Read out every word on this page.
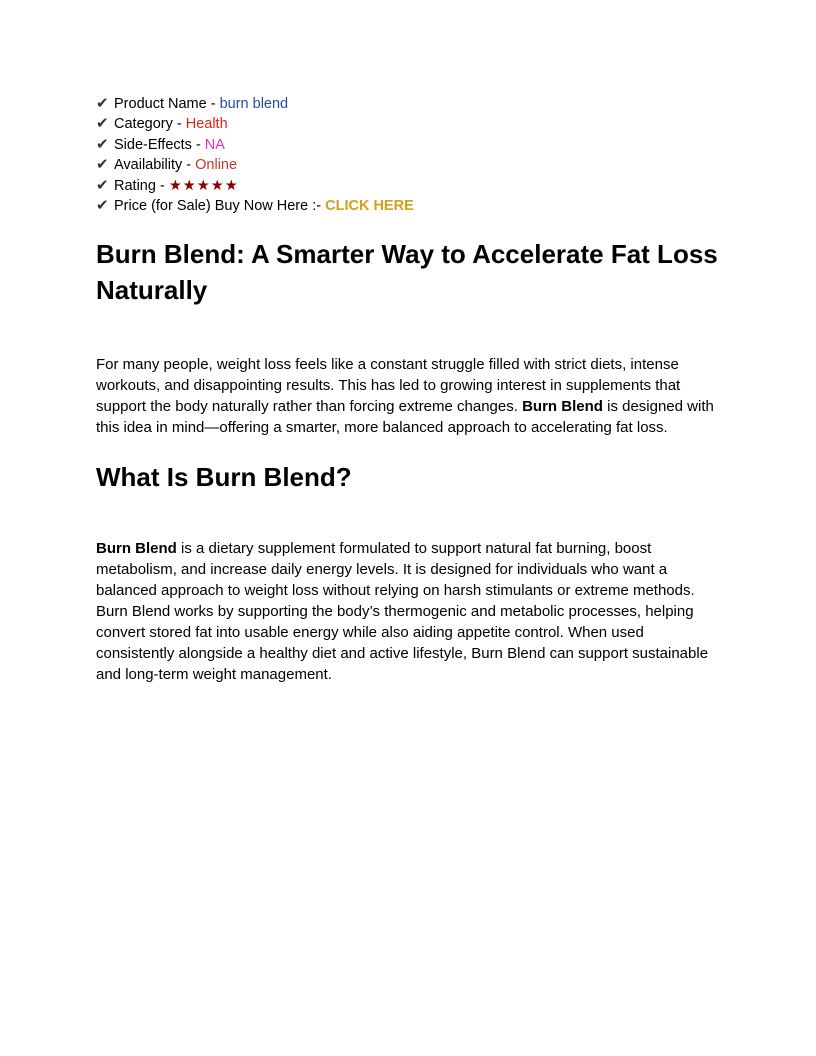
✔ Product Name - burn blend
✔ Category - Health
✔ Side-Effects - NA
✔ Availability - Online
✔ Rating - ★★★★★
✔ Price (for Sale) Buy Now Here :- CLICK HERE
Burn Blend: A Smarter Way to Accelerate Fat Loss Naturally

For many people, weight loss feels like a constant struggle filled with strict diets, intense workouts, and disappointing results. This has led to growing interest in supplements that support the body naturally rather than forcing extreme changes. Burn Blend is designed with this idea in mind—offering a smarter, more balanced approach to accelerating fat loss.

What Is Burn Blend?

Burn Blend is a dietary supplement formulated to support natural fat burning, boost metabolism, and increase daily energy levels. It is designed for individuals who want a balanced approach to weight loss without relying on harsh stimulants or extreme methods. Burn Blend works by supporting the body’s thermogenic and metabolic processes, helping convert stored fat into usable energy while also aiding appetite control. When used consistently alongside a healthy diet and active lifestyle, Burn Blend can support sustainable and long-term weight management.
